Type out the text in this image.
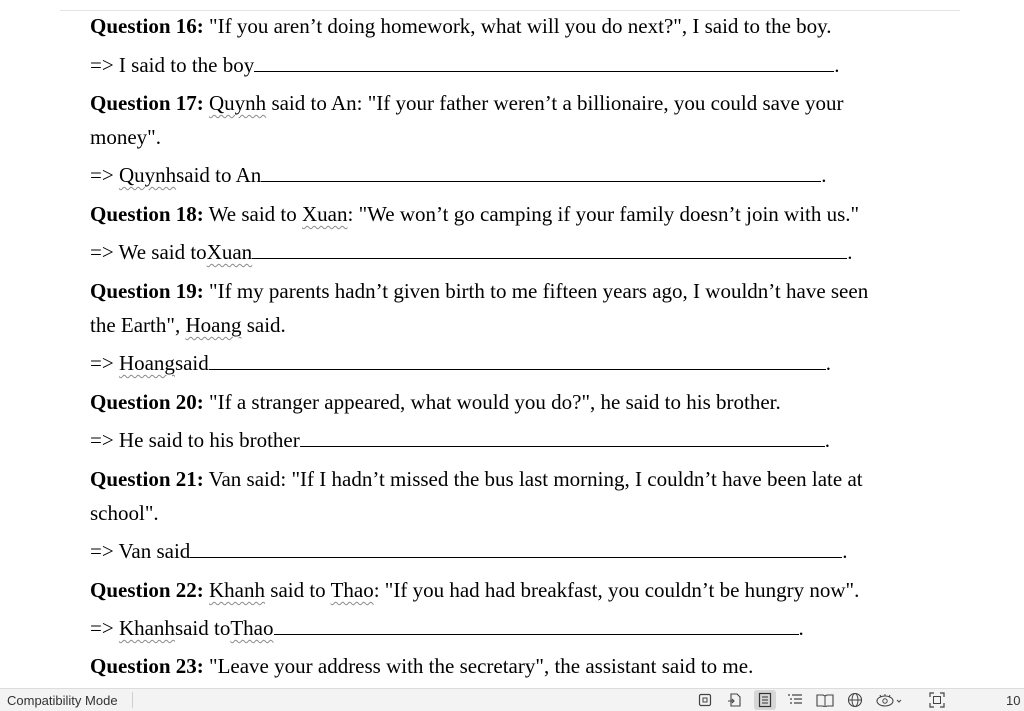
Question 16: "If you aren’t doing homework, what will you do next?", I said to the boy.
=> I said to the boy	.
Question 17: Quynh said to An: "If your father weren’t a billionaire, you could save your
money".
=>
Quynh said to An	.
Question 18: We said to Xuan: "We won’t go camping if your family doesn’t join with us."
=> We said to Xuan	.
Question 19: "If my parents hadn’t given birth to me fifteen years ago, I wouldn’t have seen
the Earth", Hoang said.
=>
Hoang said	.
Question 20: "If a stranger appeared, what would you do?", he said to his brother.
=> He said to his brother	.
Question 21: Van said: "If I hadn’t missed the bus last morning, I couldn’t have been late at
school".
=> Van said	.
Question 22: Khanh said to Thao: "If you had had breakfast, you couldn’t be hungry now".
=>
Khanh said to Thao	.
Question 23: "Leave your address with the secretary", the assistant said to me.
Compatibility Mode	10
